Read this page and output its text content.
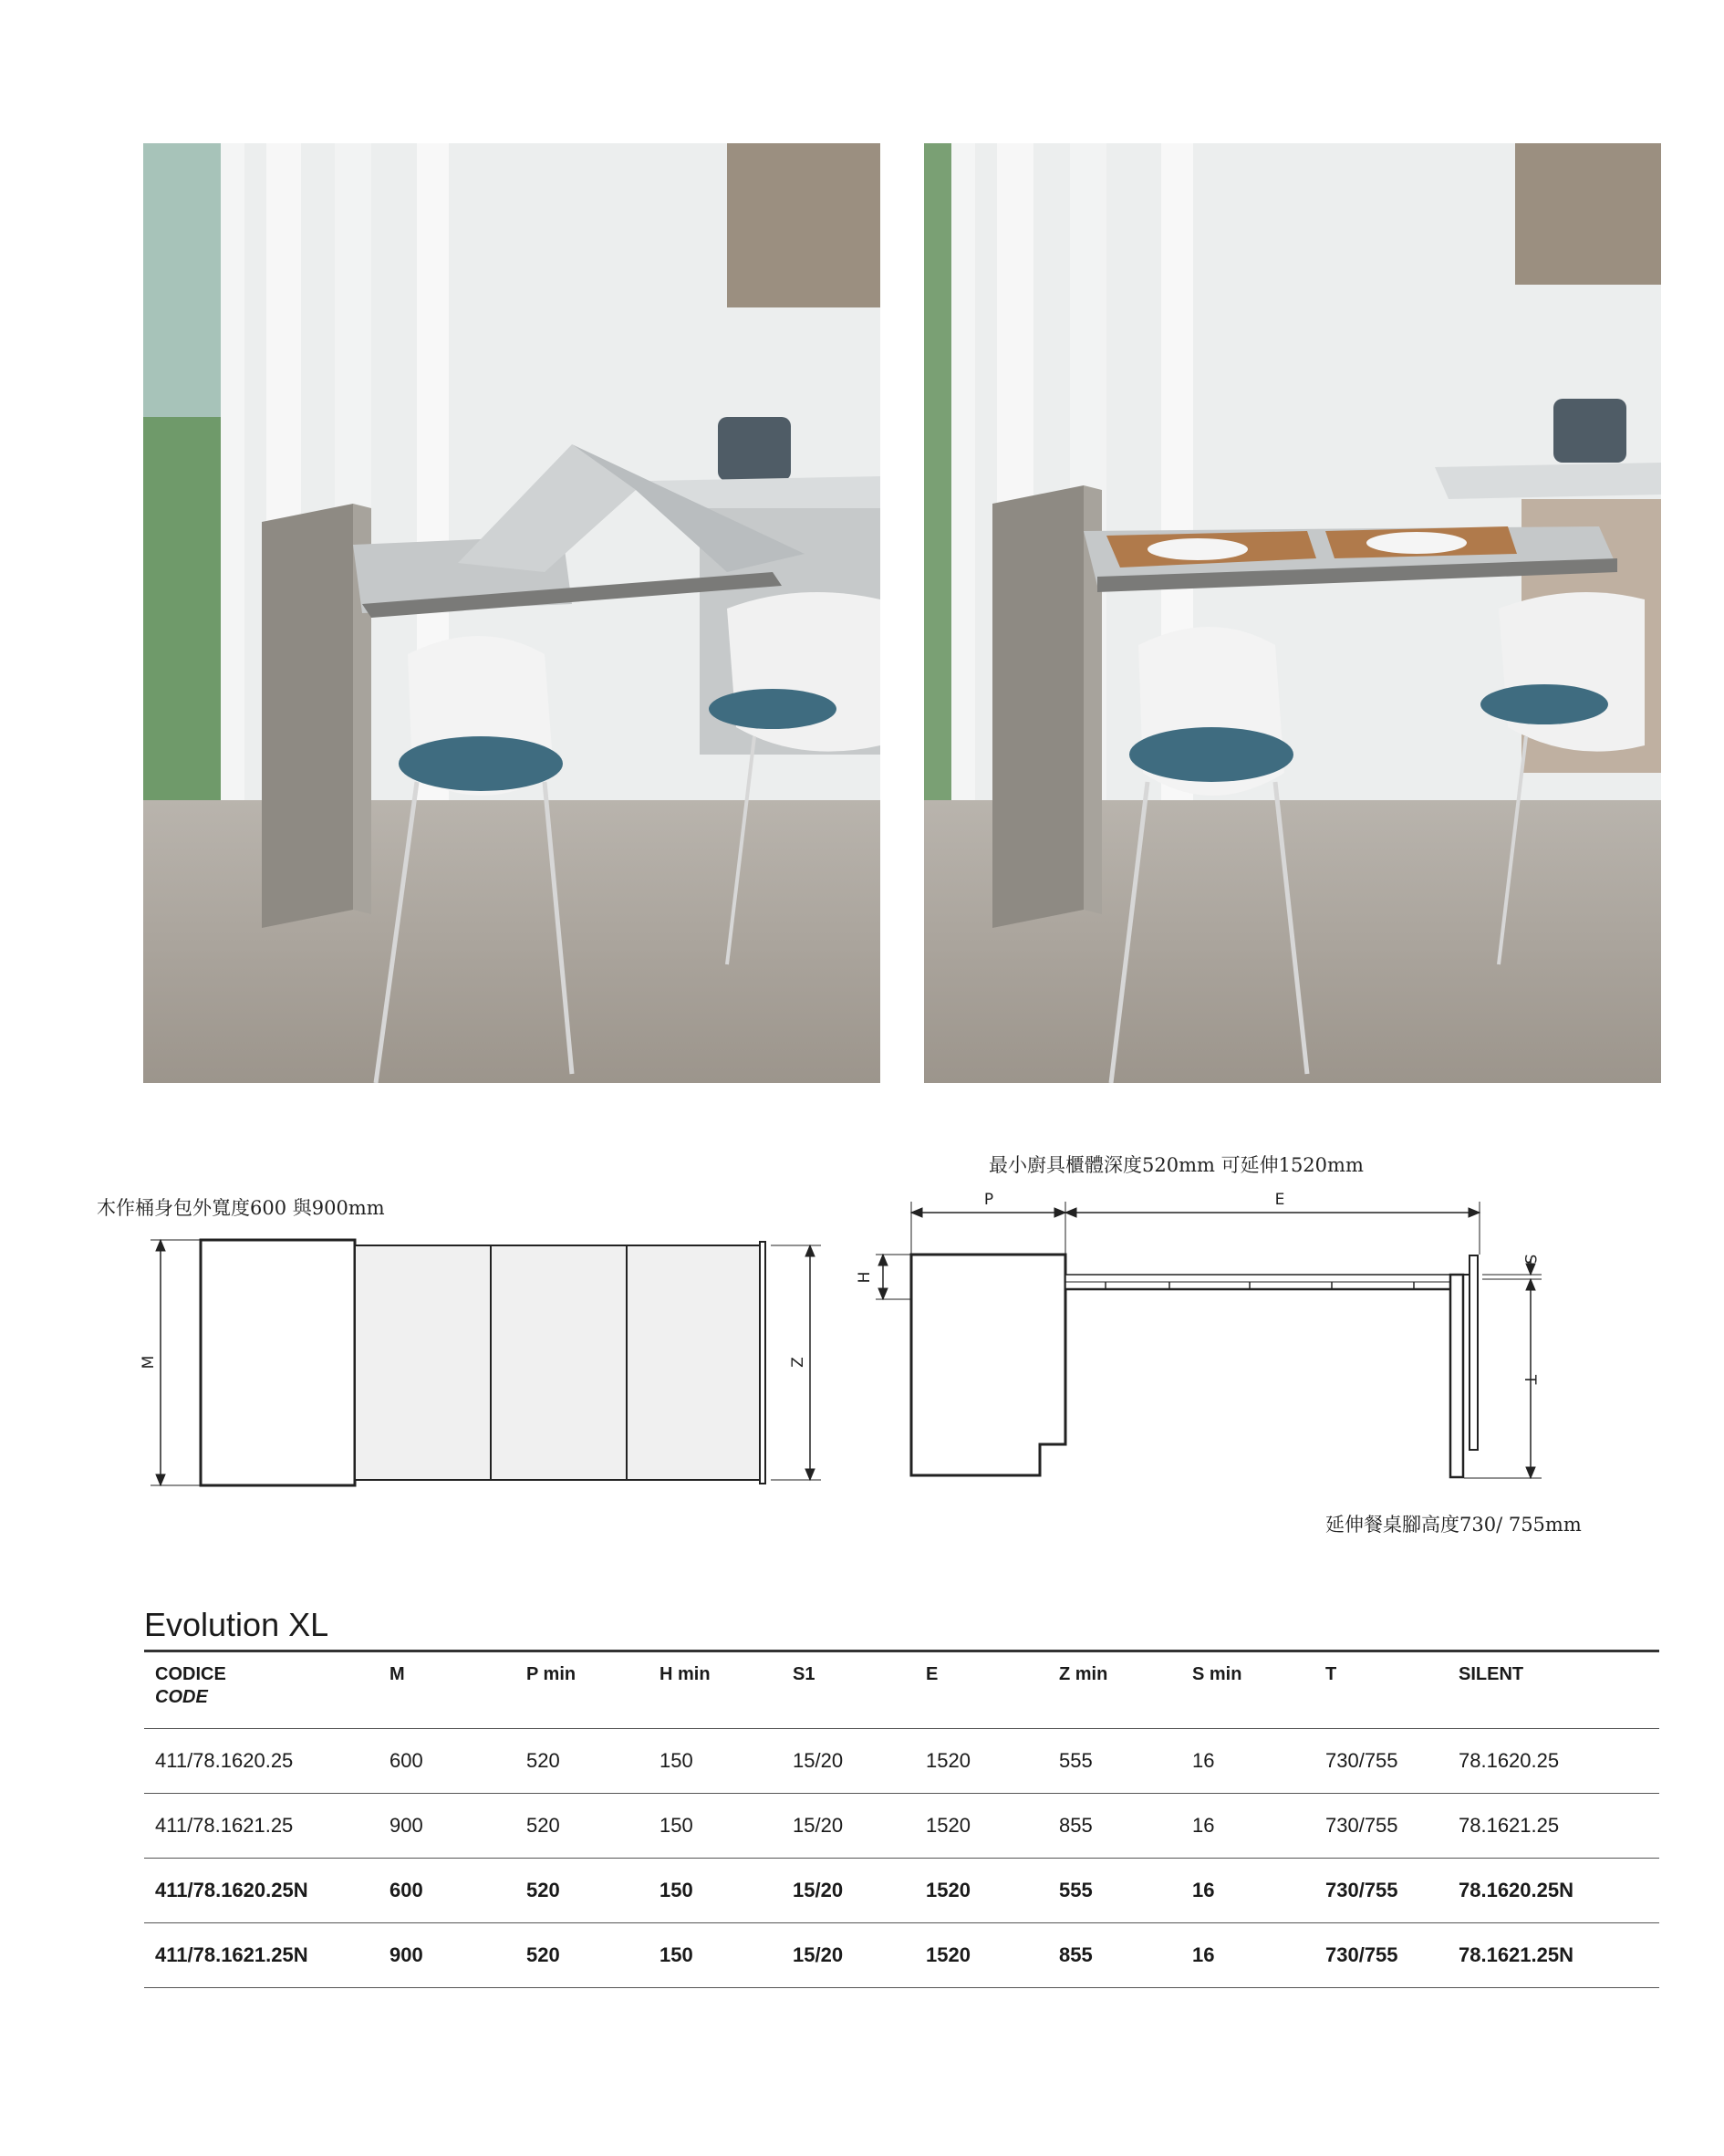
木作桶身包外寬度600 與900mm
最小廚具櫃體深度520mm 可延伸1520mm
延伸餐桌腳高度730/ 755mm
M	Z
P	E
H
S
T
Evolution XL
CODICE
CODE	M	P min	H min	S1	E	Z min	S min	T	SILENT
411/78.1620.25	600	520	150	15/20	1520	555	16	730/755	78.1620.25
411/78.1621.25	900	520	150	15/20	1520	855	16	730/755	78.1621.25
411/78.1620.25N	600	520	150	15/20	1520	555	16	730/755	78.1620.25N
411/78.1621.25N	900	520	150	15/20	1520	855	16	730/755	78.1621.25N
